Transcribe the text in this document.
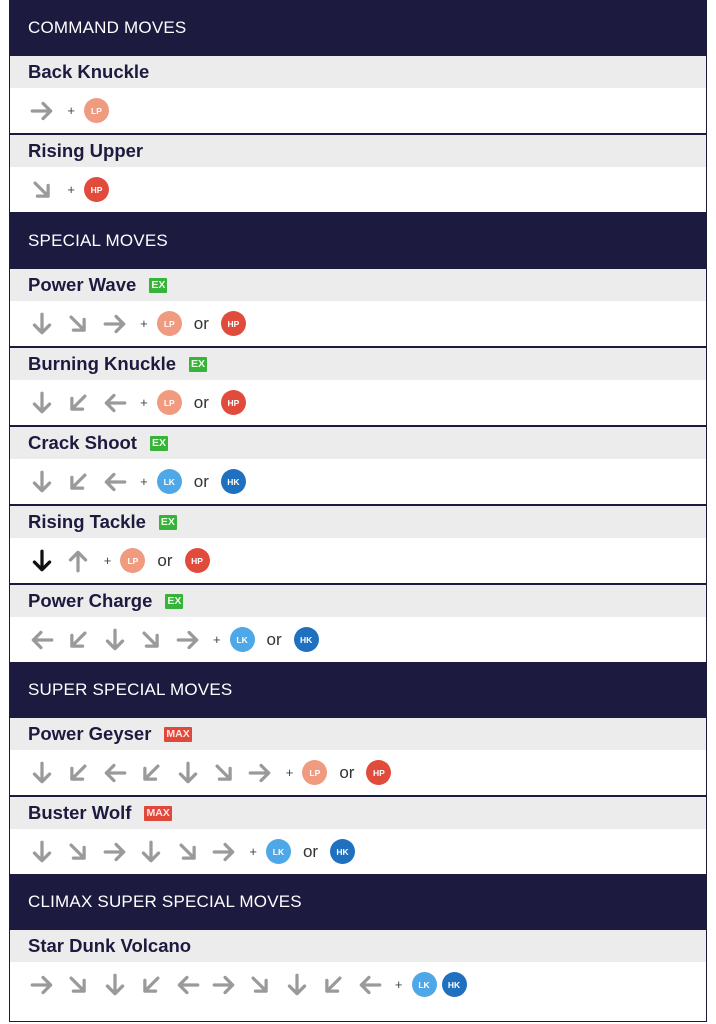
COMMAND MOVES
Back Knuckle
+	LP
Rising Upper
+	HP
SPECIAL MOVES
Power Wave EX
+	LP	or	HP
Burning Knuckle EX
+	LP	or	HP
Crack Shoot EX
+	LK	or	HK
Rising Tackle EX
+	LP	or	HP
Power Charge EX
+	LK	or	HK
SUPER SPECIAL MOVES
Power Geyser MAX
+	LP	or	HP
Buster Wolf MAX
+	LK	or	HK
CLIMAX SUPER SPECIAL MOVES
Star Dunk Volcano
+	LK	HK
